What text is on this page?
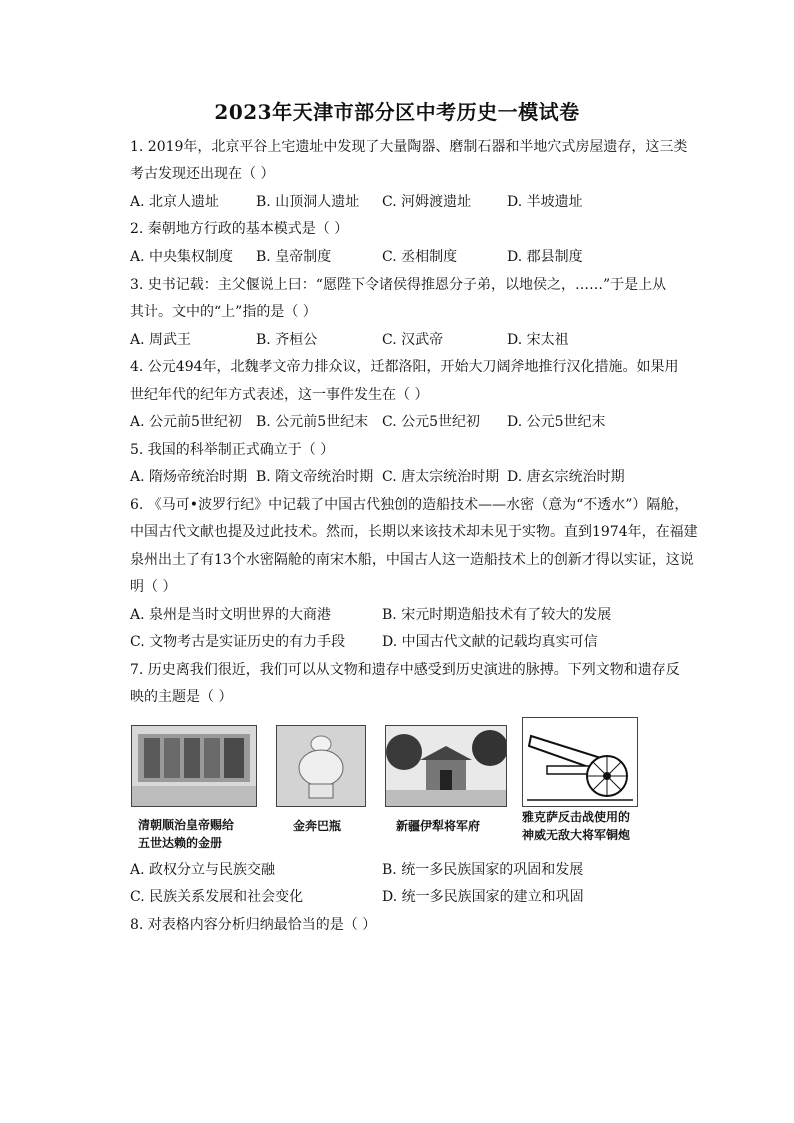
2023年天津市部分区中考历史一模试卷
1. 2019年，北京平谷上宅遗址中发现了大量陶器、磨制石器和半地穴式房屋遗存，这三类
考古发现还出现在（ ）
A. 北京人遗址	B. 山顶洞人遗址 C. 河姆渡遗址	D. 半坡遗址
2. 秦朝地方行政的基本模式是（ ）
A. 中央集权制度 B. 皇帝制度	C. 丞相制度	D. 郡县制度
3. 史书记载：主父偃说上曰：“愿陛下令诸侯得推恩分子弟，以地侯之，……”于是上从
其计。文中的“上”指的是（ ）
A. 周武王	B. 齐桓公	C. 汉武帝	D. 宋太祖
4. 公元494年，北魏孝文帝力排众议，迁都洛阳，开始大刀阔斧地推行汉化措施。如果用
世纪年代的纪年方式表述，这一事件发生在（ ）
A. 公元前5世纪初 B. 公元前5世纪末 C. 公元5世纪初 D. 公元5世纪末
5. 我国的科举制正式确立于（ ）
A. 隋炀帝统治时期 B. 隋文帝统治时期 C. 唐太宗统治时期 D. 唐玄宗统治时期
6. 《马可•波罗行纪》中记载了中国古代独创的造船技术——水密（意为“不透水”）隔舱，
中国古代文献也提及过此技术。然而，长期以来该技术却未见于实物。直到1974年，在福建
泉州出土了有13个水密隔舱的南宋木船，中国古人这一造船技术上的创新才得以实证，这说
明（ ）
A. 泉州是当时文明世界的大商港	B. 宋元时期造船技术有了较大的发展
C. 文物考古是实证历史的有力手段	D. 中国古代文献的记载均真实可信
7. 历史离我们很近，我们可以从文物和遗存中感受到历史演进的脉搏。下列文物和遗存反
映的主题是（ ）
清朝顺治皇帝赐给
五世达赖的金册
金奔巴瓶	新疆伊犁将军府
雅克萨反击战使用的
神威无敌大将军铜炮
A. 政权分立与民族交融	B. 统一多民族国家的巩固和发展
C. 民族关系发展和社会变化	D. 统一多民族国家的建立和巩固
8. 对表格内容分析归纳最恰当的是（ ）
